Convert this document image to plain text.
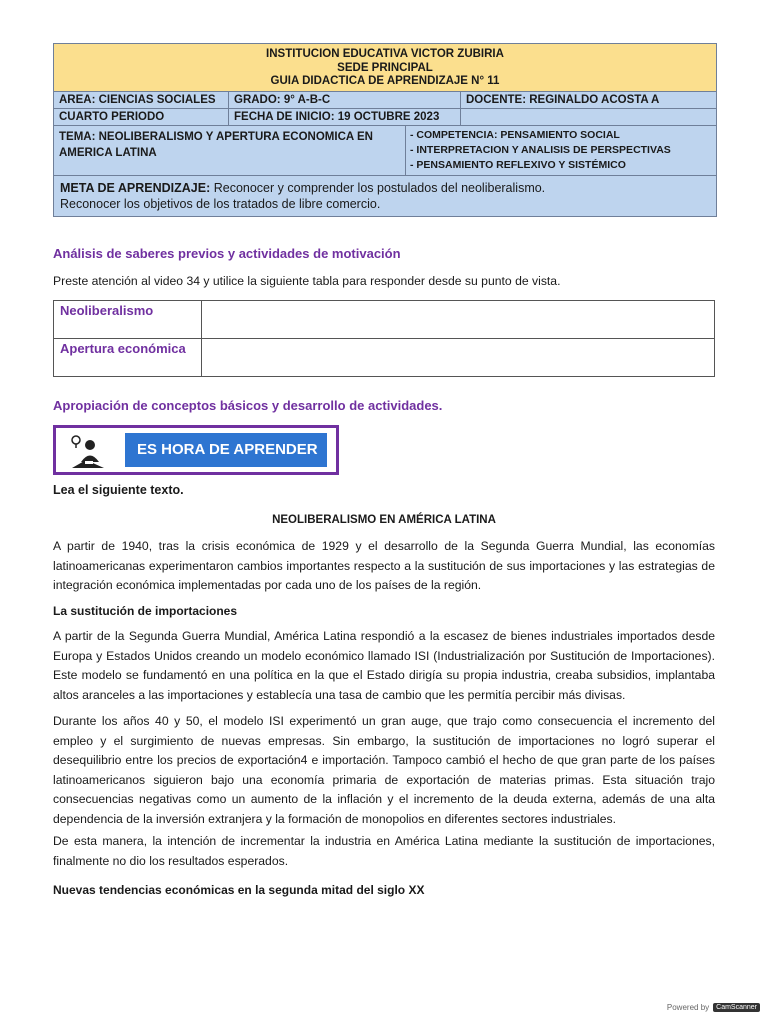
INSTITUCION EDUCATIVA VICTOR ZUBIRIA
SEDE PRINCIPAL
GUIA DIDACTICA DE APRENDIZAJE N° 11
AREA: CIENCIAS SOCIALES	GRADO: 9° A-B-C	DOCENTE: REGINALDO ACOSTA A
CUARTO PERIODO	FECHA DE INICIO: 19 OCTUBRE 2023

TEMA: NEOLIBERALISMO Y APERTURA ECONOMICA EN AMERICA LATINA
- COMPETENCIA: PENSAMIENTO SOCIAL
- INTERPRETACION Y ANALISIS DE PERSPECTIVAS
- PENSAMIENTO REFLEXIVO Y SISTÉMICO
META DE APRENDIZAJE: Reconocer y comprender los postulados del neoliberalismo.
Reconocer los objetivos de los tratados de libre comercio.
Análisis de saberes previos y actividades de motivación

Preste atención al video 34 y utilice la siguiente tabla para responder desde su punto de vista.

Neoliberalismo	
Apertura económica	
Apropiación de conceptos básicos y desarrollo de actividades.
ES HORA DE APRENDER
Lea el siguiente texto.
NEOLIBERALISMO EN AMÉRICA LATINA

A partir de 1940, tras la crisis económica de 1929 y el desarrollo de la Segunda Guerra Mundial, las economías latinoamericanas experimentaron cambios importantes respecto a la sustitución de sus importaciones y las estrategias de integración económica implementadas por cada uno de los países de la región.

La sustitución de importaciones

A partir de la Segunda Guerra Mundial, América Latina respondió a la escasez de bienes industriales importados desde Europa y Estados Unidos creando un modelo económico llamado ISI (Industrialización por Sustitución de Importaciones). Este modelo se fundamentó en una política en la que el Estado dirigía su propia industria, creaba subsidios, implantaba altos aranceles a las importaciones y establecía una tasa de cambio que les permitía percibir más divisas.

Durante los años 40 y 50, el modelo ISI experimentó un gran auge, que trajo como consecuencia el incremento del empleo y el surgimiento de nuevas empresas. Sin embargo, la sustitución de importaciones no logró superar el desequilibrio entre los precios de exportación4 e importación. Tampoco cambió el hecho de que gran parte de los países latinoamericanos siguieron bajo una economía primaria de exportación de materias primas. Esta situación trajo consecuencias negativas como un aumento de la inflación y el incremento de la deuda externa, además de una alta dependencia de la inversión extranjera y la formación de monopolios en diferentes sectores industriales.

De esta manera, la intención de incrementar la industria en América Latina mediante la sustitución de importaciones, finalmente no dio los resultados esperados.

Nuevas tendencias económicas en la segunda mitad del siglo XX
Powered by	CamScanner
